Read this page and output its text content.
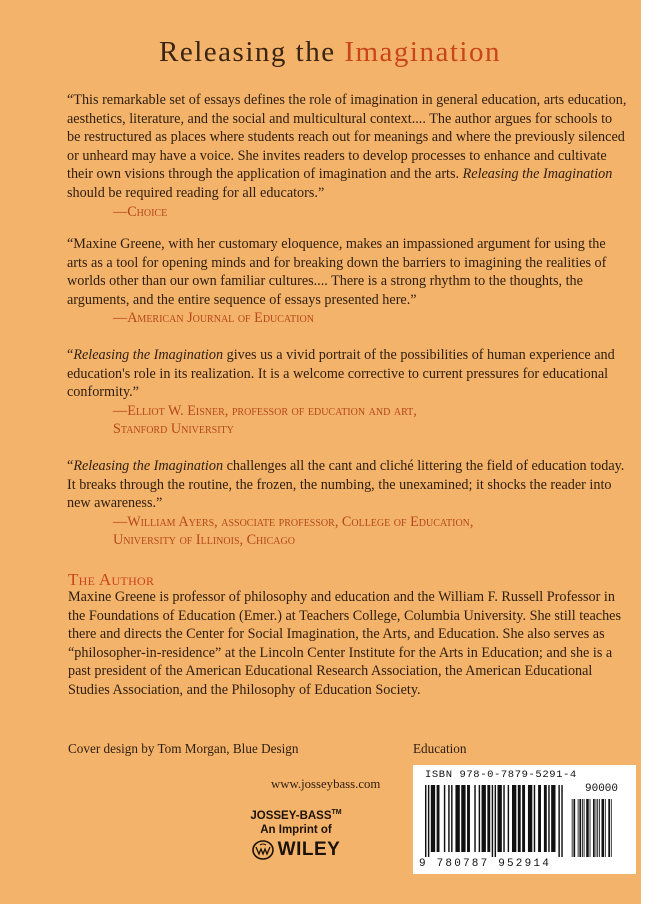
Releasing the Imagination

“This remarkable set of essays defines the role of imagination in general education, arts education, aesthetics, literature, and the social and multicultural context.... The author argues for schools to be restructured as places where students reach out for meanings and where the previously silenced or unheard may have a voice. She invites readers to develop processes to enhance and cultivate their own visions through the application of imagination and the arts. Releasing the Imagination should be required reading for all educators.”

—Choice

“Maxine Greene, with her customary eloquence, makes an impassioned argument for using the arts as a tool for opening minds and for breaking down the barriers to imagining the realities of worlds other than our own familiar cultures.... There is a strong rhythm to the thoughts, the arguments, and the entire sequence of essays presented here.”

—American Journal of Education

“Releasing the Imagination gives us a vivid portrait of the possibilities of human experience and education's role in its realization. It is a welcome corrective to current pressures for educational conformity.”

—Elliot W. Eisner, professor of education and art,
Stanford University

“Releasing the Imagination challenges all the cant and cliché littering the field of education today. It breaks through the routine, the frozen, the numbing, the unexamined; it shocks the reader into new awareness.”

—William Ayers, associate professor, College of Education,
University of Illinois, Chicago
The Author
Maxine Greene is professor of philosophy and education and the William F. Russell Professor in the Foundations of Education (Emer.) at Teachers College, Columbia University. She still teaches there and directs the Center for Social Imagination, the Arts, and Education. She also serves as “philosopher-in-residence” at the Lincoln Center Institute for the Arts in Education; and she is a past president of the American Educational Research Association, the American Educational Studies Association, and the Philosophy of Education Society.
Cover design by Tom Morgan, Blue Design	Education
www.josseybass.com
JOSSEY-BASS™
An Imprint of
WILEY
ISBN 978-0-7879-5291-4
90000
9 780787 952914
